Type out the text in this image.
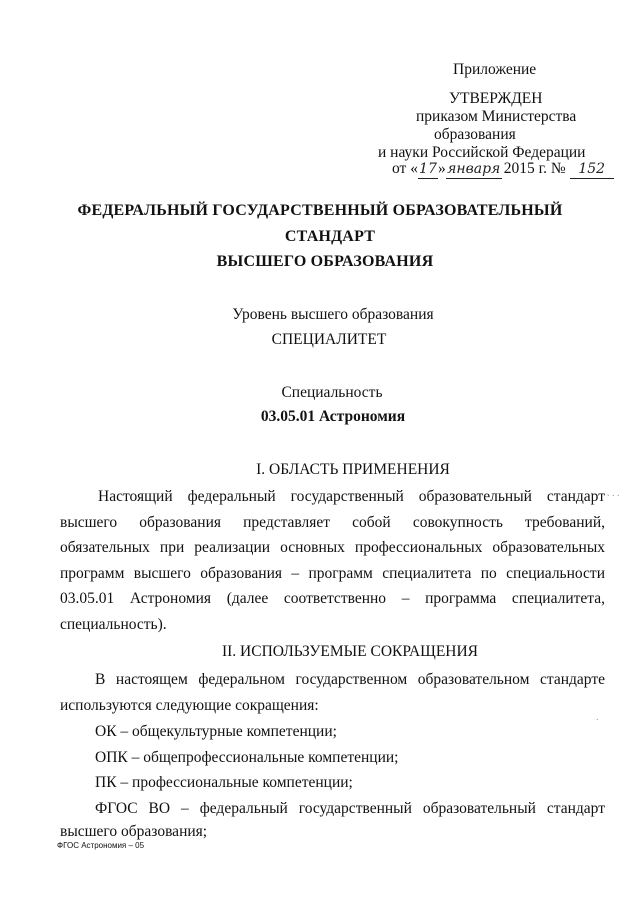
Приложение
УТВЕРЖДЕН
приказом Министерства
образования
и науки Российской Федерации
от «17»января 2015 г. № 152
ФЕДЕРАЛЬНЫЙ ГОСУДАРСТВЕННЫЙ ОБРАЗОВАТЕЛЬНЫЙ
СТАНДАРТ
ВЫСШЕГО ОБРАЗОВАНИЯ
Уровень высшего образования
СПЕЦИАЛИТЕТ
Специальность
03.05.01 Астрономия
I. ОБЛАСТЬ ПРИМЕНЕНИЯ
Настоящий федеральный государственный образовательный стандарт
высшего образования представляет собой совокупность требований, обязательных при реализации основных профессиональных образовательных программ высшего образования – программ специалитета по специальности 03.05.01 Астрономия (далее соответственно – программа специалитета, специальность).
II. ИСПОЛЬЗУЕМЫЕ СОКРАЩЕНИЯ
В настоящем федеральном государственном образовательном стандарте
используются следующие сокращения:
ОК – общекультурные компетенции;
ОПК – общепрофессиональные компетенции;
ПК – профессиональные компетенции;
ФГОС ВО – федеральный государственный образовательный стандарт
высшего образования;
ФГОС Астрономия – 05
. . .
.
